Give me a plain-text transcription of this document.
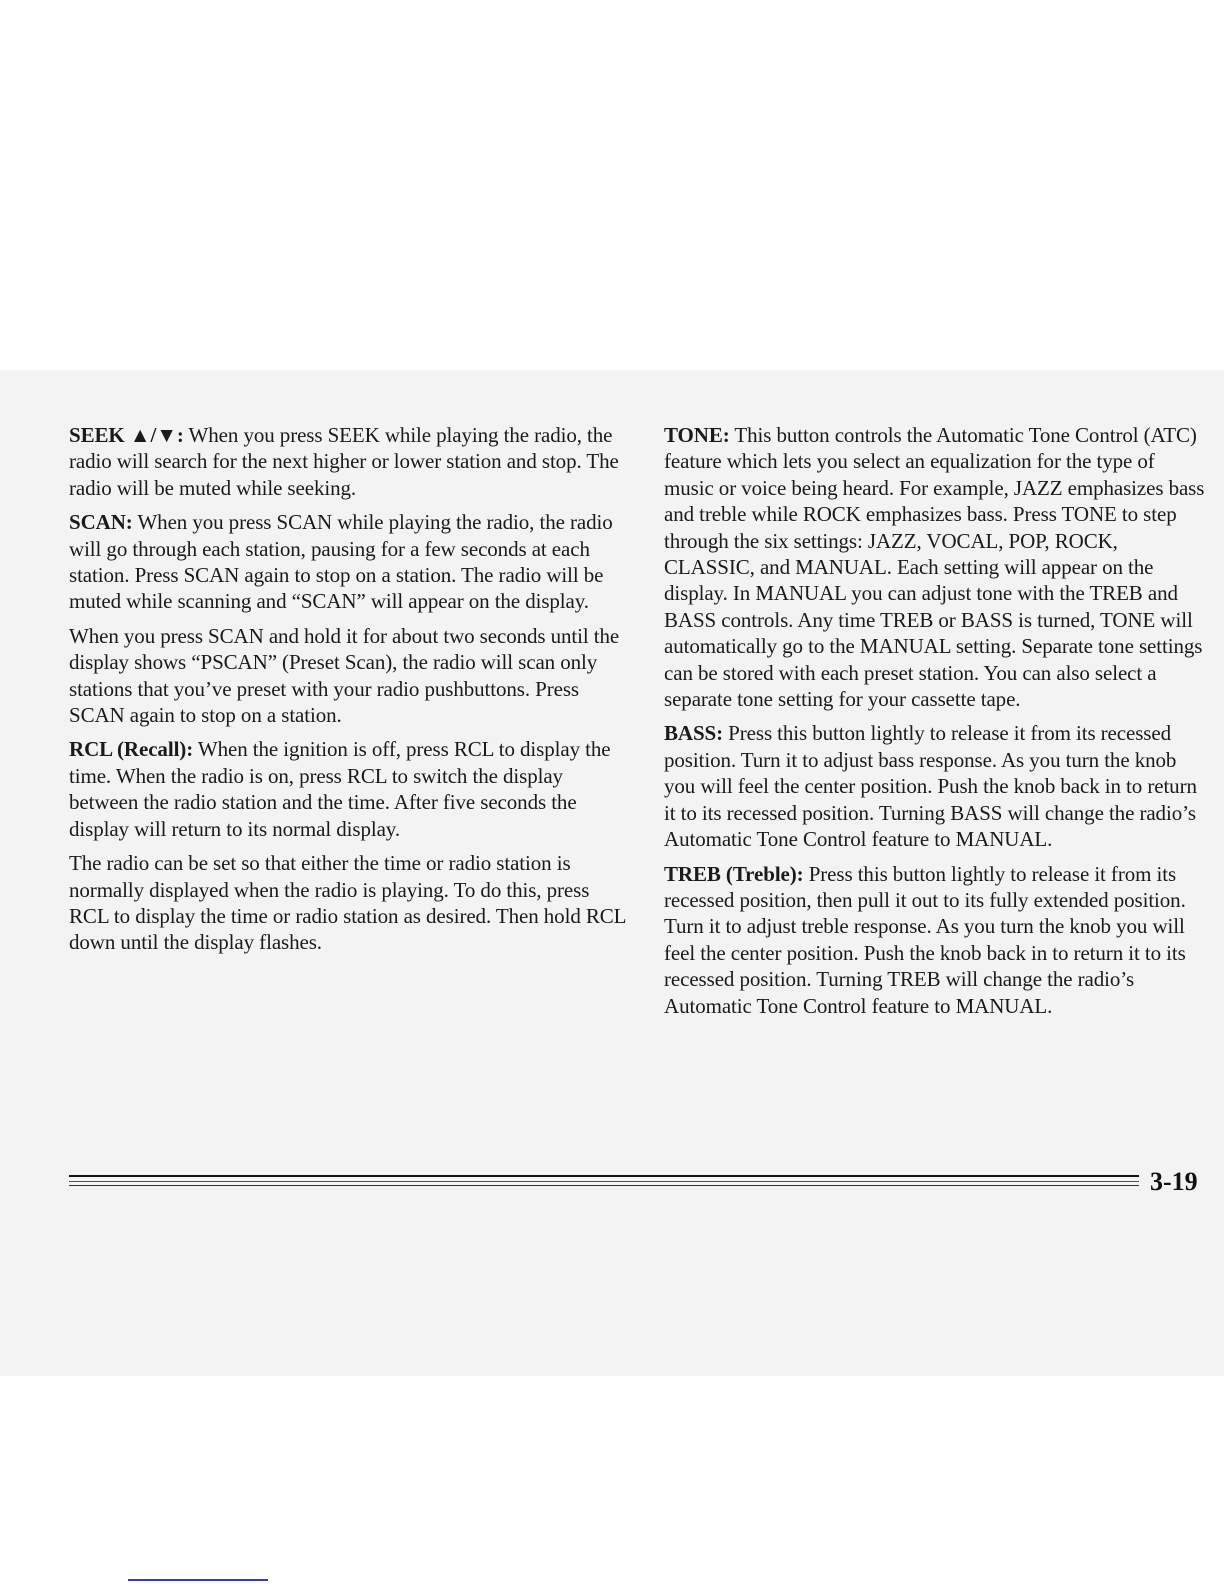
SEEK ▲/▼: When you press SEEK while playing the radio, the radio will search for the next higher or lower station and stop. The radio will be muted while seeking.

SCAN: When you press SCAN while playing the radio, the radio will go through each station, pausing for a few seconds at each station. Press SCAN again to stop on a station. The radio will be muted while scanning and “SCAN” will appear on the display.

When you press SCAN and hold it for about two seconds until the display shows “PSCAN” (Preset Scan), the radio will scan only stations that you’ve preset with your radio pushbuttons. Press SCAN again to stop on a station.

RCL (Recall): When the ignition is off, press RCL to display the time. When the radio is on, press RCL to switch the display between the radio station and the time. After five seconds the display will return to its normal display.

The radio can be set so that either the time or radio station is normally displayed when the radio is playing. To do this, press RCL to display the time or radio station as desired. Then hold RCL down until the display flashes.

TONE: This button controls the Automatic Tone Control (ATC) feature which lets you select an equalization for the type of music or voice being heard. For example, JAZZ emphasizes bass and treble while ROCK emphasizes bass. Press TONE to step through the six settings: JAZZ, VOCAL, POP, ROCK, CLASSIC, and MANUAL. Each setting will appear on the display. In MANUAL you can adjust tone with the TREB and BASS controls. Any time TREB or BASS is turned, TONE will automatically go to the MANUAL setting. Separate tone settings can be stored with each preset station. You can also select a separate tone setting for your cassette tape.

BASS: Press this button lightly to release it from its recessed position. Turn it to adjust bass response. As you turn the knob you will feel the center position. Push the knob back in to return it to its recessed position. Turning BASS will change the radio’s Automatic Tone Control feature to MANUAL.

TREB (Treble): Press this button lightly to release it from its recessed position, then pull it out to its fully extended position. Turn it to adjust treble response. As you turn the knob you will feel the center position. Push the knob back in to return it to its recessed position. Turning TREB will change the radio’s Automatic Tone Control feature to MANUAL.

3-19
